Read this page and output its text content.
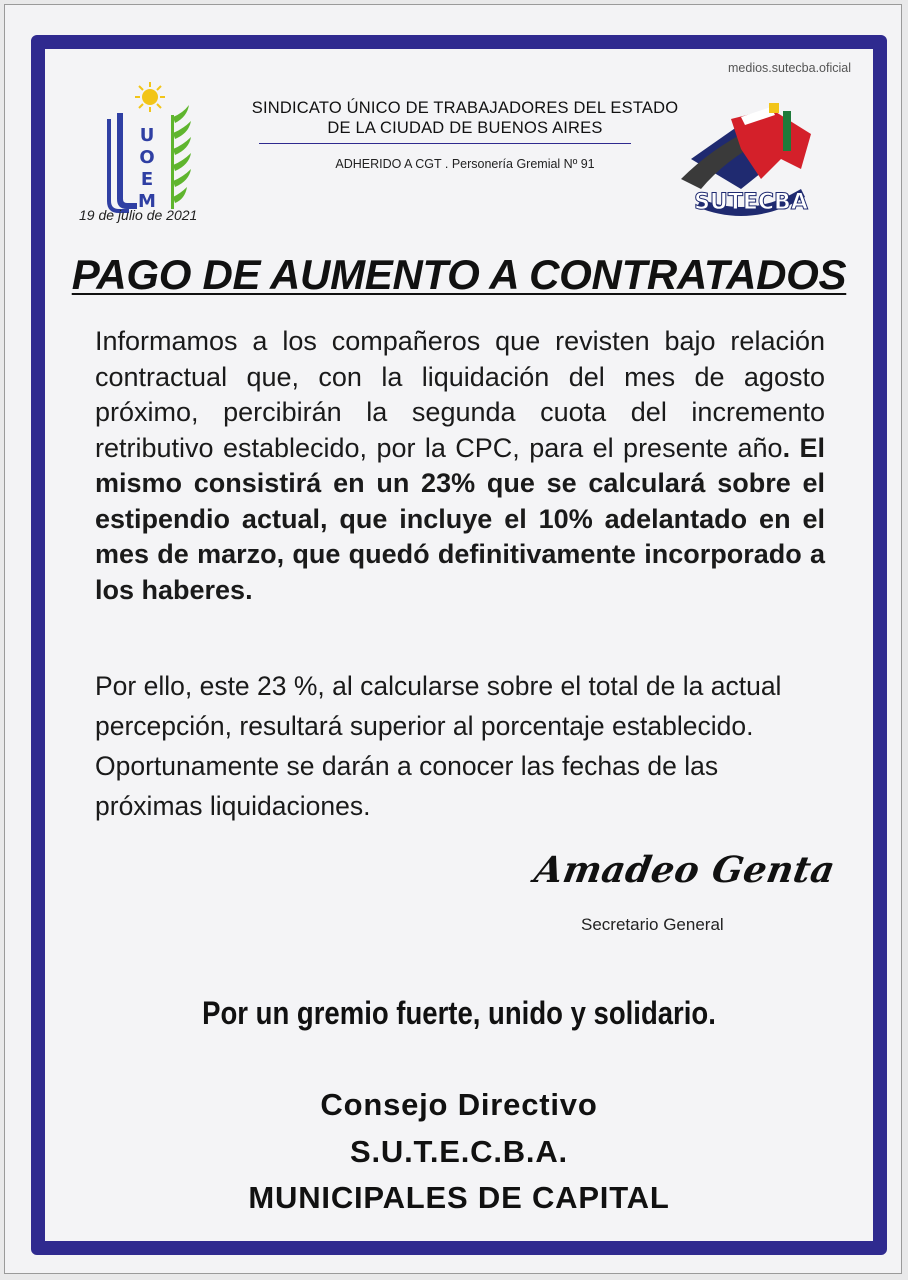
medios.sutecba.oficial
U
O
E
M
19 de julio de 2021
SINDICATO ÚNICO DE TRABAJADORES DEL ESTADO
DE LA CIUDAD DE BUENOS AIRES
ADHERIDO A CGT . Personería Gremial Nº 91
SUTECBA
PAGO DE AUMENTO A CONTRATADOS
Informamos a los compañeros que revisten bajo relación contractual que, con la liquidación del mes de agosto próximo, percibirán la segunda cuota del incremento retributivo establecido, por la CPC, para el presente año. El mismo consistirá en un 23% que se calculará sobre el estipendio actual, que incluye el 10% adelantado en el mes de marzo, que quedó definitivamente incorporado a los haberes.
Por ello, este 23 %, al calcularse sobre el total de la actual percepción, resultará superior al porcentaje establecido. Oportunamente se darán a conocer las fechas de las próximas liquidaciones.
Amadeo Genta
Secretario General
Por un gremio fuerte, unido y solidario.
Consejo Directivo
S.U.T.E.C.B.A.
MUNICIPALES DE CAPITAL
